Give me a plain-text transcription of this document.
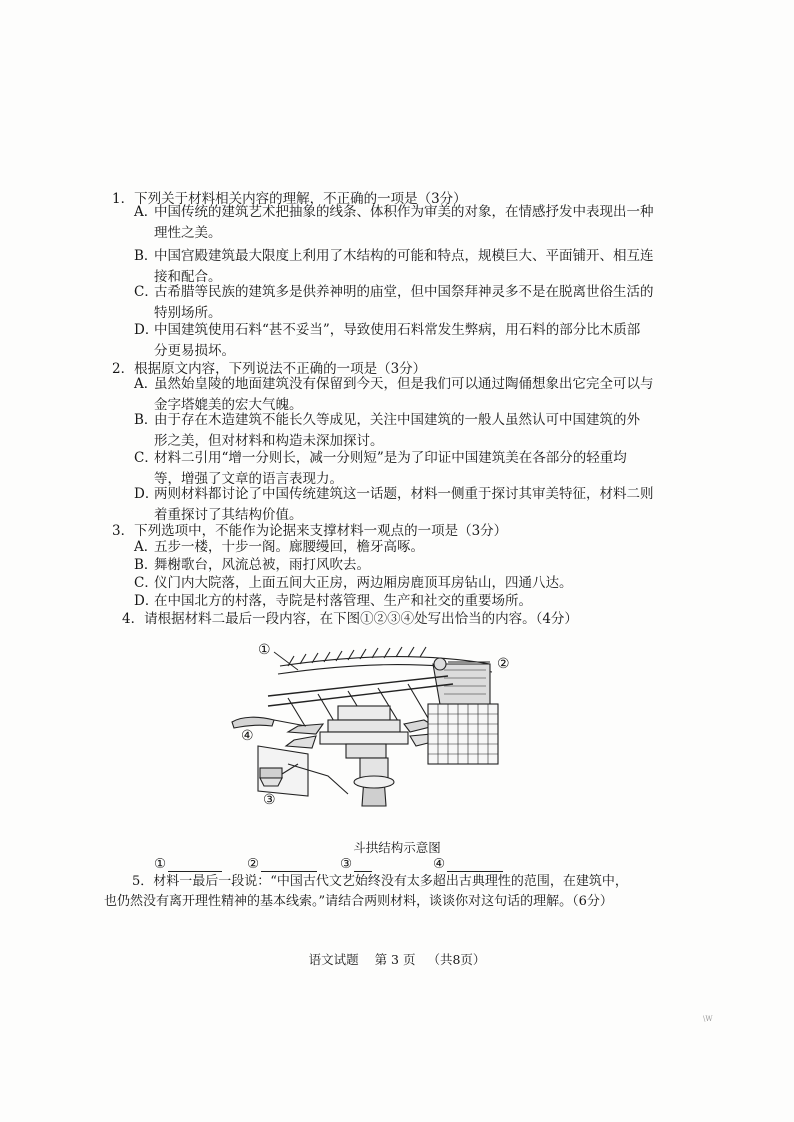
1．下列关于材料相关内容的理解，不正确的一项是（3分）
A．中国传统的建筑艺术把抽象的线条、体积作为审美的对象，在情感抒发中表现出一种
理性之美。
B．中国宫殿建筑最大限度上利用了木结构的可能和特点，规模巨大、平面铺开、相互连
接和配合。
C．古希腊等民族的建筑多是供养神明的庙堂，但中国祭拜神灵多不是在脱离世俗生活的
特别场所。
D．中国建筑使用石料“甚不妥当”，导致使用石料常发生弊病，用石料的部分比木质部
分更易损坏。
2．根据原文内容，下列说法不正确的一项是（3分）
A．虽然始皇陵的地面建筑没有保留到今天，但是我们可以通过陶俑想象出它完全可以与
金字塔媲美的宏大气魄。
B．由于存在木造建筑不能长久等成见，关注中国建筑的一般人虽然认可中国建筑的外
形之美，但对材料和构造未深加探讨。
C．材料二引用“增一分则长，减一分则短”是为了印证中国建筑美在各部分的轻重均
等，增强了文章的语言表现力。
D．两则材料都讨论了中国传统建筑这一话题，材料一侧重于探讨其审美特征，材料二则
着重探讨了其结构价值。
3．下列选项中，不能作为论据来支撑材料一观点的一项是（3分）
A．五步一楼，十步一阁。廊腰缦回，檐牙高啄。
B．舞榭歌台，风流总被，雨打风吹去。
C．仪门内大院落，上面五间大正房，两边厢房鹿顶耳房钻山，四通八达。
D．在中国北方的村落，寺院是村落管理、生产和社交的重要场所。
4．请根据材料二最后一段内容，在下图①②③④处写出恰当的内容。（4分）
①
②
③
④
斗拱结构示意图
①	②	③	④
5．材料一最后一段说：“中国古代文艺始终没有太多超出古典理性的范围，在建筑中，
也仍然没有离开理性精神的基本线索。”请结合两则材料，谈谈你对这句话的理解。（6分）
语文试题 第 3 页 （共8页）
\W
